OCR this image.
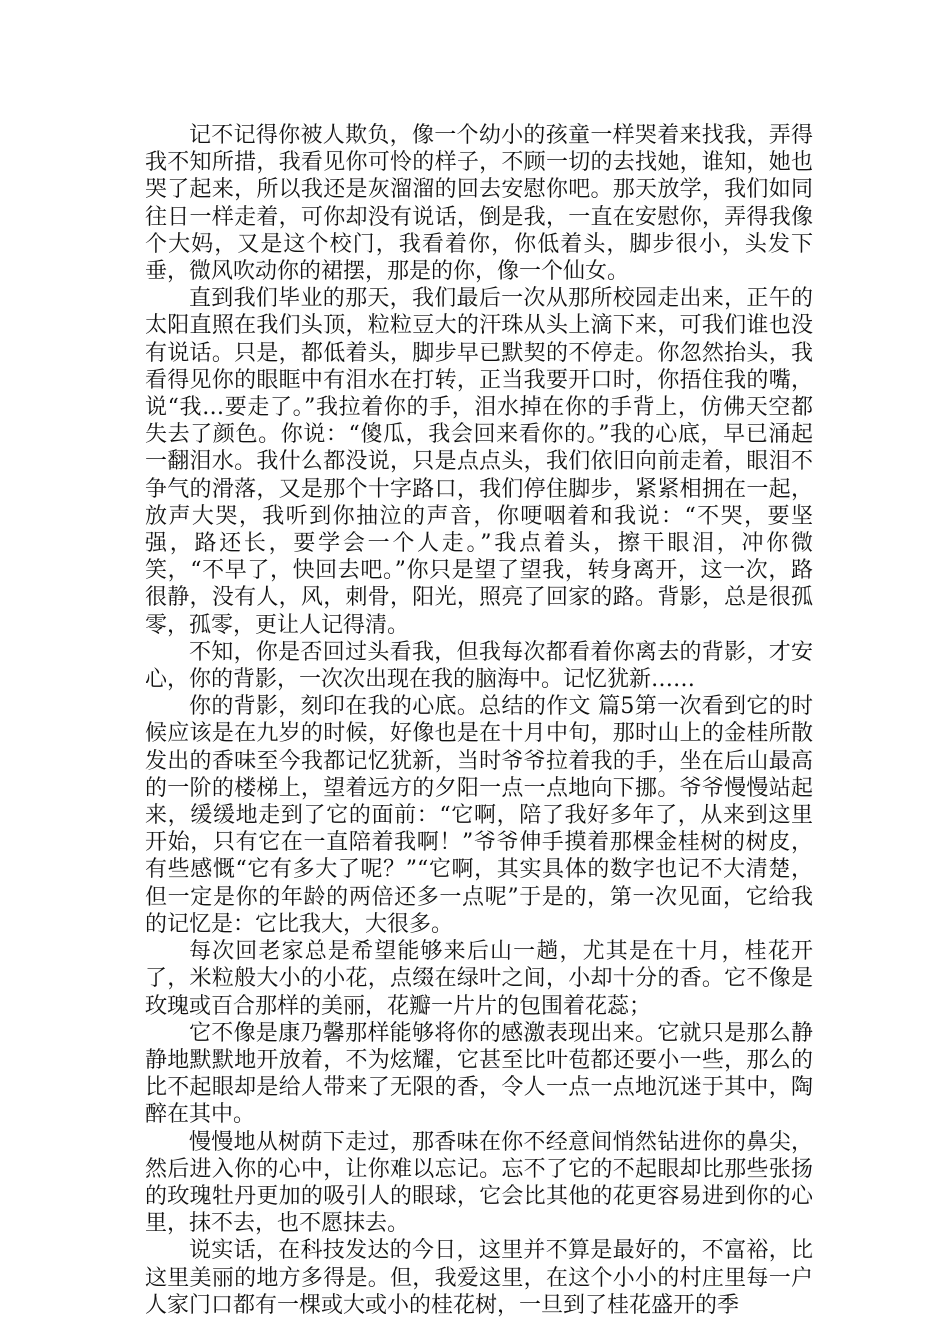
记不记得你被人欺负，像一个幼小的孩童一样哭着来找我，弄得我不知所措，我看见你可怜的样子，不顾一切的去找她，谁知，她也哭了起来，所以我还是灰溜溜的回去安慰你吧。那天放学，我们如同往日一样走着，可你却没有说话，倒是我，一直在安慰你，弄得我像个大妈，又是这个校门，我看着你，你低着头，脚步很小，头发下垂，微风吹动你的裙摆，那是的你，像一个仙女。

直到我们毕业的那天，我们最后一次从那所校园走出来，正午的太阳直照在我们头顶，粒粒豆大的汗珠从头上滴下来，可我们谁也没有说话。只是，都低着头，脚步早已默契的不停走。你忽然抬头，我看得见你的眼眶中有泪水在打转，正当我要开口时，你捂住我的嘴，说“我…要走了。”我拉着你的手，泪水掉在你的手背上，仿佛天空都失去了颜色。你说：“傻瓜，我会回来看你的。”我的心底，早已涌起一翻泪水。我什么都没说，只是点点头，我们依旧向前走着，眼泪不争气的滑落，又是那个十字路口，我们停住脚步，紧紧相拥在一起，放声大哭，我听到你抽泣的声音，你哽咽着和我说：“不哭，要坚强，路还长，要学会一个人走。”我点着头，擦干眼泪，冲你微笑，“不早了，快回去吧。”你只是望了望我，转身离开，这一次，路很静，没有人，风，刺骨，阳光，照亮了回家的路。背影，总是很孤零，孤零，更让人记得清。

不知，你是否回过头看我，但我每次都看着你离去的背影，才安心，你的背影，一次次出现在我的脑海中。记忆犹新……

你的背影，刻印在我的心底。总结的作文 篇5第一次看到它的时候应该是在九岁的时候，好像也是在十月中旬，那时山上的金桂所散发出的香味至今我都记忆犹新，当时爷爷拉着我的手，坐在后山最高的一阶的楼梯上，望着远方的夕阳一点一点地向下挪。爷爷慢慢站起来，缓缓地走到了它的面前：“它啊，陪了我好多年了，从来到这里开始，只有它在一直陪着我啊！”爷爷伸手摸着那棵金桂树的树皮，有些感慨“它有多大了呢？”“它啊，其实具体的数字也记不大清楚，但一定是你的年龄的两倍还多一点呢”于是的，第一次见面，它给我的记忆是：它比我大，大很多。

每次回老家总是希望能够来后山一趟，尤其是在十月，桂花开了，米粒般大小的小花，点缀在绿叶之间，小却十分的香。它不像是玫瑰或百合那样的美丽，花瓣一片片的包围着花蕊；

它不像是康乃馨那样能够将你的感激表现出来。它就只是那么静静地默默地开放着，不为炫耀，它甚至比叶苞都还要小一些，那么的比不起眼却是给人带来了无限的香，令人一点一点地沉迷于其中，陶醉在其中。

慢慢地从树荫下走过，那香味在你不经意间悄然钻进你的鼻尖，然后进入你的心中，让你难以忘记。忘不了它的不起眼却比那些张扬的玫瑰牡丹更加的吸引人的眼球，它会比其他的花更容易进到你的心里，抹不去，也不愿抹去。

说实话，在科技发达的今日，这里并不算是最好的，不富裕，比这里美丽的地方多得是。但，我爱这里，在这个小小的村庄里每一户人家门口都有一棵或大或小的桂花树，一旦到了桂花盛开的季
